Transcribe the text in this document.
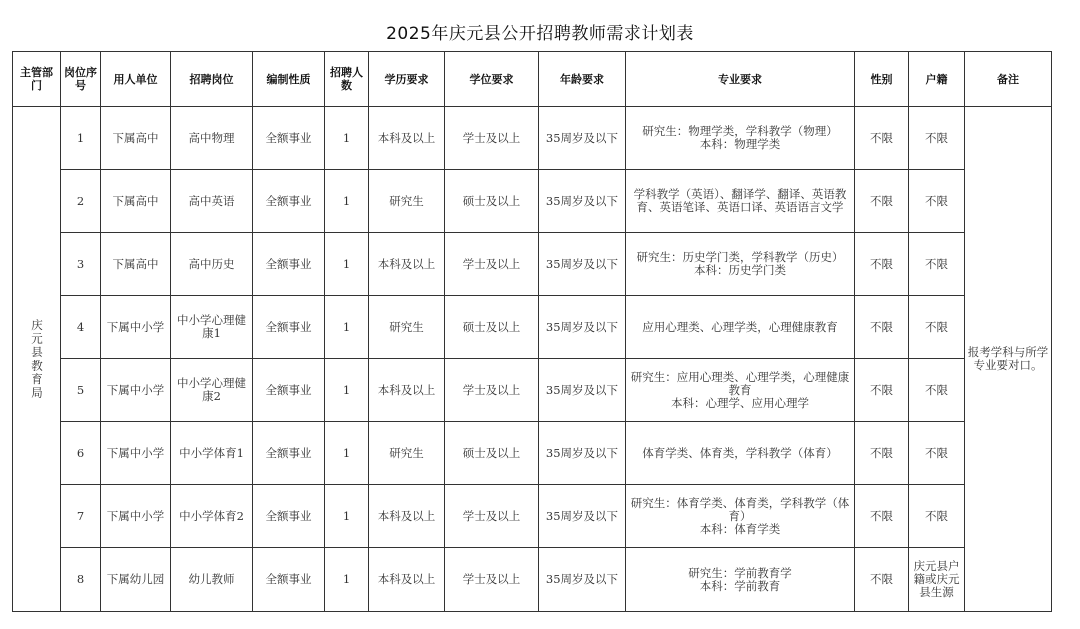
2025年庆元县公开招聘教师需求计划表
主管部门	岗位序号	用人单位	招聘岗位	编制性质	招聘人数	学历要求	学位要求	年龄要求	专业要求	性别	户籍	备注
庆元县教育局	1	下属高中	高中物理	全额事业	1	本科及以上	学士及以上	35周岁及以下	研究生：物理学类，学科教学（物理）
本科：物理学类	不限	不限	报考学科与所学专业要对口。
	2	下属高中	高中英语	全额事业	1	研究生	硕士及以上	35周岁及以下	学科教学（英语）、翻译学、翻译、英语教育、英语笔译、英语口译、英语语言文学	不限	不限	
	3	下属高中	高中历史	全额事业	1	本科及以上	学士及以上	35周岁及以下	研究生：历史学门类，学科教学（历史）
本科：历史学门类	不限	不限	
	4	下属中小学	中小学心理健康1	全额事业	1	研究生	硕士及以上	35周岁及以下	应用心理类、心理学类，心理健康教育	不限	不限	
	5	下属中小学	中小学心理健康2	全额事业	1	本科及以上	学士及以上	35周岁及以下	研究生：应用心理类、心理学类，心理健康教育
本科：心理学、应用心理学	不限	不限	
	6	下属中小学	中小学体育1	全额事业	1	研究生	硕士及以上	35周岁及以下	体育学类、体育类，学科教学（体育）	不限	不限	
	7	下属中小学	中小学体育2	全额事业	1	本科及以上	学士及以上	35周岁及以下	研究生：体育学类、体育类，学科教学（体育）
本科：体育学类	不限	不限	
	8	下属幼儿园	幼儿教师	全额事业	1	本科及以上	学士及以上	35周岁及以下	研究生：学前教育学
本科：学前教育	不限	庆元县户籍或庆元县生源	
